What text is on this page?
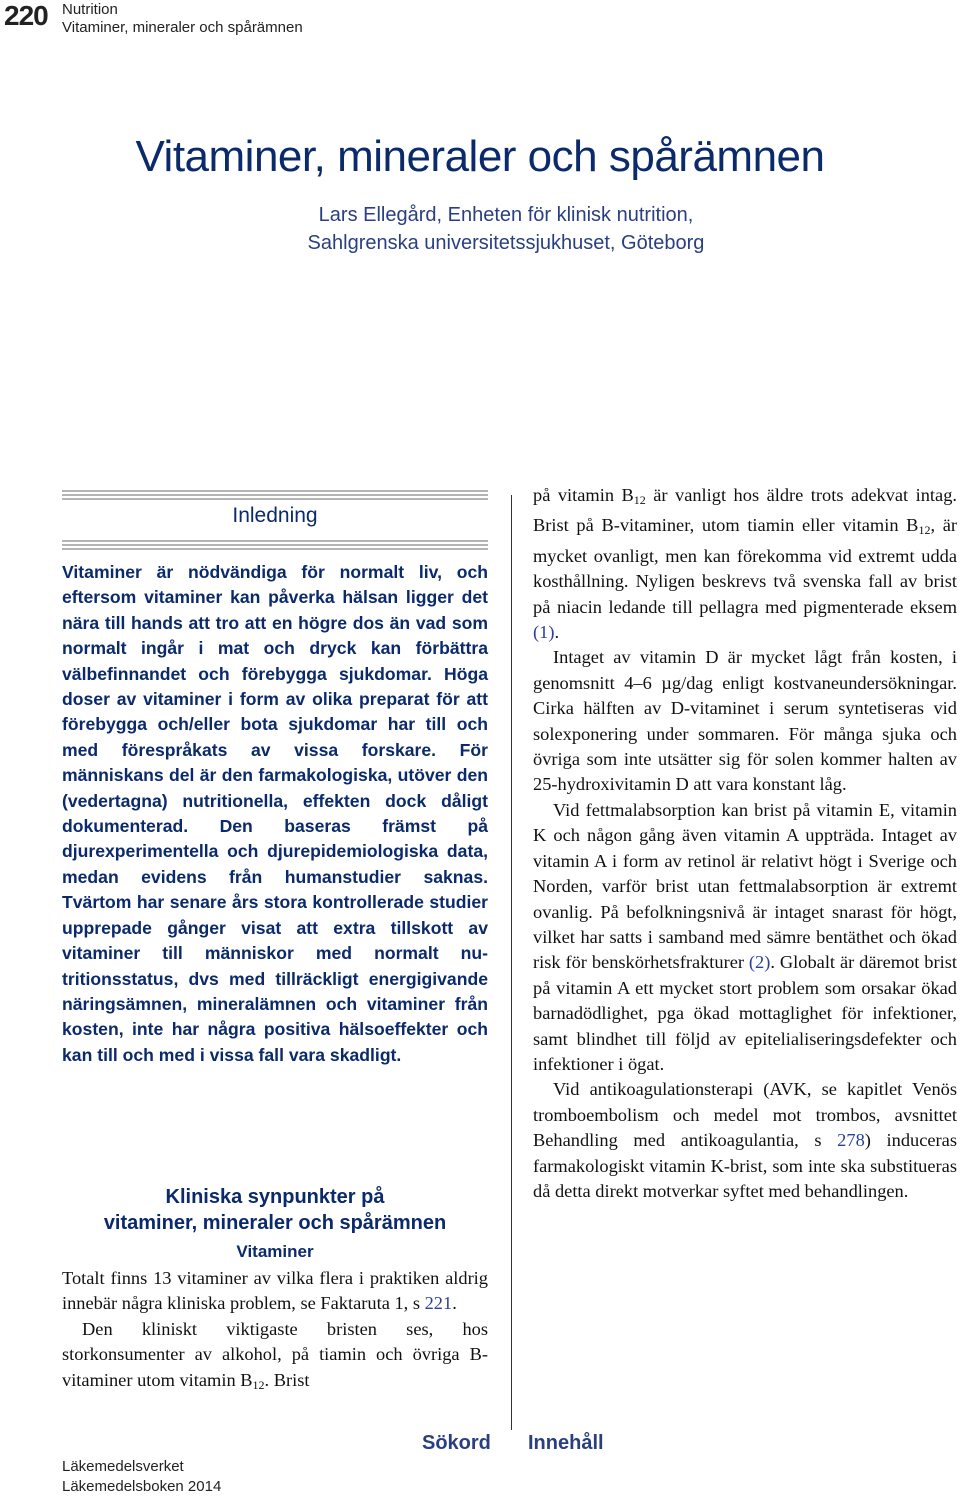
220 Nutrition
Vitaminer, mineraler och spårämnen
Vitaminer, mineraler och spårämnen
Lars Ellegård, Enheten för klinisk nutrition,
Sahlgrenska universitetssjukhuset, Göteborg
Inledning
Vitaminer är nödvändiga för normalt liv, och eftersom vitaminer kan påverka hälsan ligger det nära till hands att tro att en högre dos än vad som normalt ingår i mat och dryck kan förbättra välbefinnandet och förebygga sjukdomar. Höga doser av vitaminer i form av olika preparat för att förebygga och/eller bota sjukdomar har till och med förespråkats av vissa forskare. För människans del är den farmakologiska, utöver den (vedertagna) nutritionella, effekten dock dåligt dokumenterad. Den baseras främst på djurexperimentella och djurepidemiologiska data, medan evidens från humanstudier saknas. Tvärtom har senare års stora kontrollerade studier upprepade gånger visat att extra tillskott av vitaminer till människor med normalt nutritionsstatus, dvs med tillräckligt energigivande näringsämnen, mineralämnen och vitaminer från kosten, inte har några positiva hälsoeffekter och kan till och med i vissa fall vara skadligt.
Kliniska synpunkter på
vitaminer, mineraler och spårämnen
Vitaminer

Totalt finns 13 vitaminer av vilka flera i praktiken aldrig innebär några kliniska problem, se Faktaruta 1, s 221.

Den kliniskt viktigaste bristen ses, hos storkonsumenter av alkohol, på tiamin och övriga B-vitaminer utom vitamin $B_{12}$. Brist

på vitamin $B_{12}$ är vanligt hos äldre trots adekvat intag. Brist på B-vitaminer, utom tiamin eller vitamin $B_{12}$, är mycket ovanligt, men kan förekomma vid extremt udda kosthållning. Nyligen beskrevs två svenska fall av brist på niacin ledande till pellagra med pigmenterade eksem (1).

Intaget av vitamin D är mycket lågt från kosten, i genomsnitt 4–6 µg/dag enligt kostvaneundersökningar. Cirka hälften av D-vitaminet i serum syntetiseras vid solexponering under sommaren. För många sjuka och övriga som inte utsätter sig för solen kommer halten av 25-hydroxivitamin D att vara konstant låg.

Vid fettmalabsorption kan brist på vitamin E, vitamin K och någon gång även vitamin A uppträda. Intaget av vitamin A i form av retinol är relativt högt i Sverige och Norden, varför brist utan fettmalabsorption är extremt ovanlig. På befolkningsnivå är intaget snarast för högt, vilket har satts i samband med sämre bentäthet och ökad risk för benskörhetsfrakturer (2). Globalt är däremot brist på vitamin A ett mycket stort problem som orsakar ökad barnadödlighet, pga ökad mottaglighet för infektioner, samt blindhet till följd av epitelialiseringsdefekter och infektioner i ögat.

Vid antikoagulationsterapi (AVK, se kapitlet Venös tromboembolism och medel mot trombos, avsnittet Behandling med antikoagulantia, s 278) induceras farmakologiskt vitamin K-brist, som inte ska substitueras då detta direkt motverkar syftet med behandlingen.

Sökord Innehåll
Läkemedelsverket
Läkemedelsboken 2014
